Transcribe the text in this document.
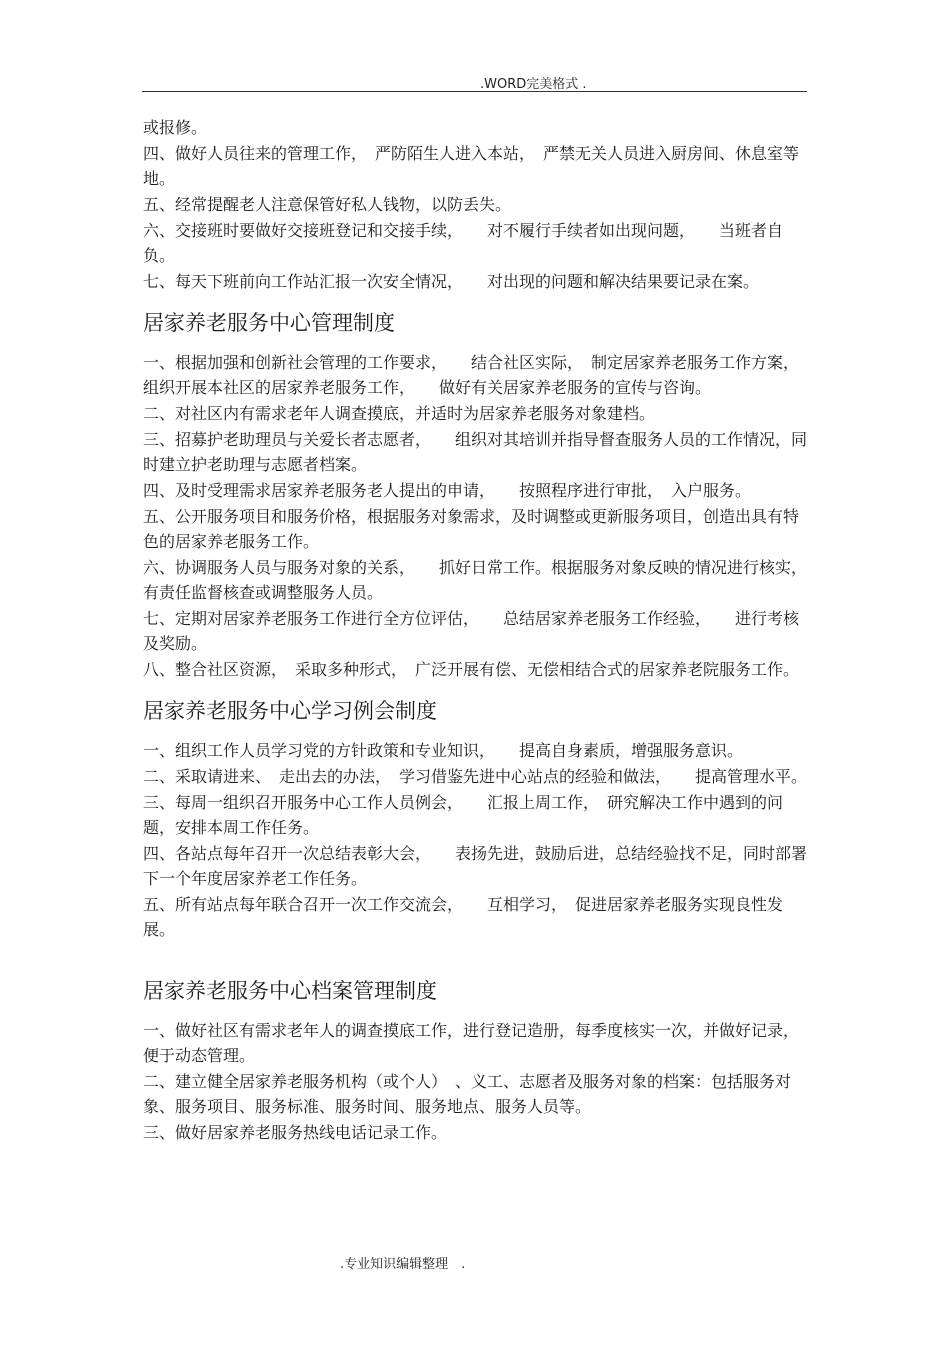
.WORD完美格式 .

或报修。

四、做好人员往来的管理工作，　严防陌生人进入本站，　严禁无关人员进入厨房间、休息室等地。

五、经常提醒老人注意保管好私人钱物，以防丢失。

六、交接班时要做好交接班登记和交接手续，　　对不履行手续者如出现问题，　　当班者自负。

七、每天下班前向工作站汇报一次安全情况，　　对出现的问题和解决结果要记录在案。

居家养老服务中心管理制度

一、根据加强和创新社会管理的工作要求，　　结合社区实际，　制定居家养老服务工作方案，组织开展本社区的居家养老服务工作，　　做好有关居家养老服务的宣传与咨询。

二、对社区内有需求老年人调查摸底，并适时为居家养老服务对象建档。

三、招募护老助理员与关爱长者志愿者，　　组织对其培训并指导督查服务人员的工作情况，同时建立护老助理与志愿者档案。

四、及时受理需求居家养老服务老人提出的申请，　　按照程序进行审批，　入户服务。

五、公开服务项目和服务价格，根据服务对象需求，及时调整或更新服务项目，创造出具有特色的居家养老服务工作。

六、协调服务人员与服务对象的关系，　　抓好日常工作。根据服务对象反映的情况进行核实，有责任监督核查或调整服务人员。

七、定期对居家养老服务工作进行全方位评估，　　总结居家养老服务工作经验，　　进行考核及奖励。

八、整合社区资源，　采取多种形式，　广泛开展有偿、无偿相结合式的居家养老院服务工作。

居家养老服务中心学习例会制度

一、组织工作人员学习党的方针政策和专业知识，　　提高自身素质，增强服务意识。

二、采取请进来、　走出去的办法，　学习借鉴先进中心站点的经验和做法，　　提高管理水平。

三、每周一组织召开服务中心工作人员例会，　　汇报上周工作，　研究解决工作中遇到的问题，安排本周工作任务。

四、各站点每年召开一次总结表彰大会，　　表扬先进，鼓励后进，总结经验找不足，同时部署下一个年度居家养老工作任务。

五、所有站点每年联合召开一次工作交流会，　　互相学习，　促进居家养老服务实现良性发展。

居家养老服务中心档案管理制度

一、做好社区有需求老年人的调查摸底工作，进行登记造册，每季度核实一次，并做好记录，便于动态管理。

二、建立健全居家养老服务机构（或个人）　、义工、志愿者及服务对象的档案：包括服务对象、服务项目、服务标准、服务时间、服务地点、服务人员等。

三、做好居家养老服务热线电话记录工作。

.专业知识编辑整理　.
